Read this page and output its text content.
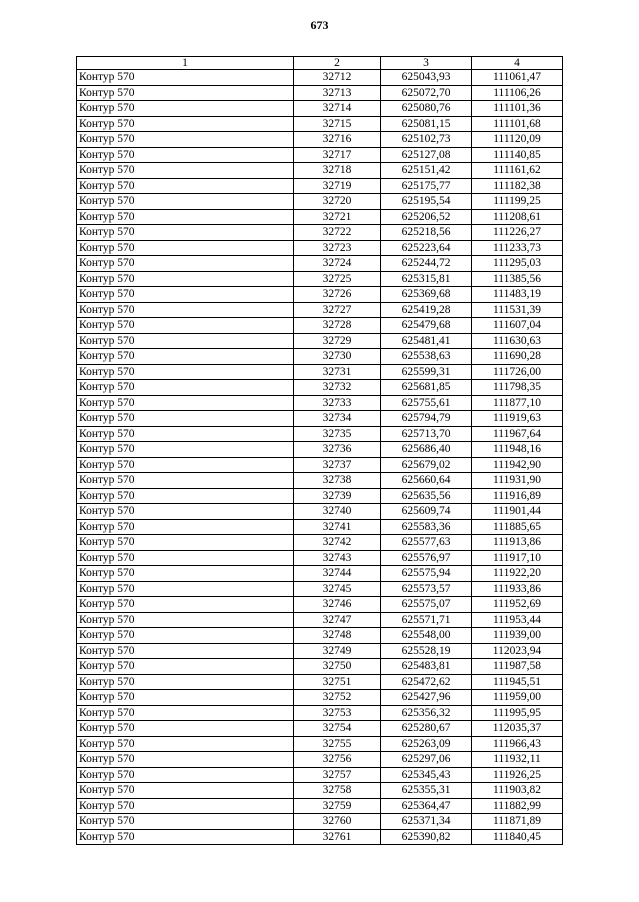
673
1	2	3	4
Контур 570	32712	625043,93	111061,47
Контур 570	32713	625072,70	111106,26
Контур 570	32714	625080,76	111101,36
Контур 570	32715	625081,15	111101,68
Контур 570	32716	625102,73	111120,09
Контур 570	32717	625127,08	111140,85
Контур 570	32718	625151,42	111161,62
Контур 570	32719	625175,77	111182,38
Контур 570	32720	625195,54	111199,25
Контур 570	32721	625206,52	111208,61
Контур 570	32722	625218,56	111226,27
Контур 570	32723	625223,64	111233,73
Контур 570	32724	625244,72	111295,03
Контур 570	32725	625315,81	111385,56
Контур 570	32726	625369,68	111483,19
Контур 570	32727	625419,28	111531,39
Контур 570	32728	625479,68	111607,04
Контур 570	32729	625481,41	111630,63
Контур 570	32730	625538,63	111690,28
Контур 570	32731	625599,31	111726,00
Контур 570	32732	625681,85	111798,35
Контур 570	32733	625755,61	111877,10
Контур 570	32734	625794,79	111919,63
Контур 570	32735	625713,70	111967,64
Контур 570	32736	625686,40	111948,16
Контур 570	32737	625679,02	111942,90
Контур 570	32738	625660,64	111931,90
Контур 570	32739	625635,56	111916,89
Контур 570	32740	625609,74	111901,44
Контур 570	32741	625583,36	111885,65
Контур 570	32742	625577,63	111913,86
Контур 570	32743	625576,97	111917,10
Контур 570	32744	625575,94	111922,20
Контур 570	32745	625573,57	111933,86
Контур 570	32746	625575,07	111952,69
Контур 570	32747	625571,71	111953,44
Контур 570	32748	625548,00	111939,00
Контур 570	32749	625528,19	112023,94
Контур 570	32750	625483,81	111987,58
Контур 570	32751	625472,62	111945,51
Контур 570	32752	625427,96	111959,00
Контур 570	32753	625356,32	111995,95
Контур 570	32754	625280,67	112035,37
Контур 570	32755	625263,09	111966,43
Контур 570	32756	625297,06	111932,11
Контур 570	32757	625345,43	111926,25
Контур 570	32758	625355,31	111903,82
Контур 570	32759	625364,47	111882,99
Контур 570	32760	625371,34	111871,89
Контур 570	32761	625390,82	111840,45
